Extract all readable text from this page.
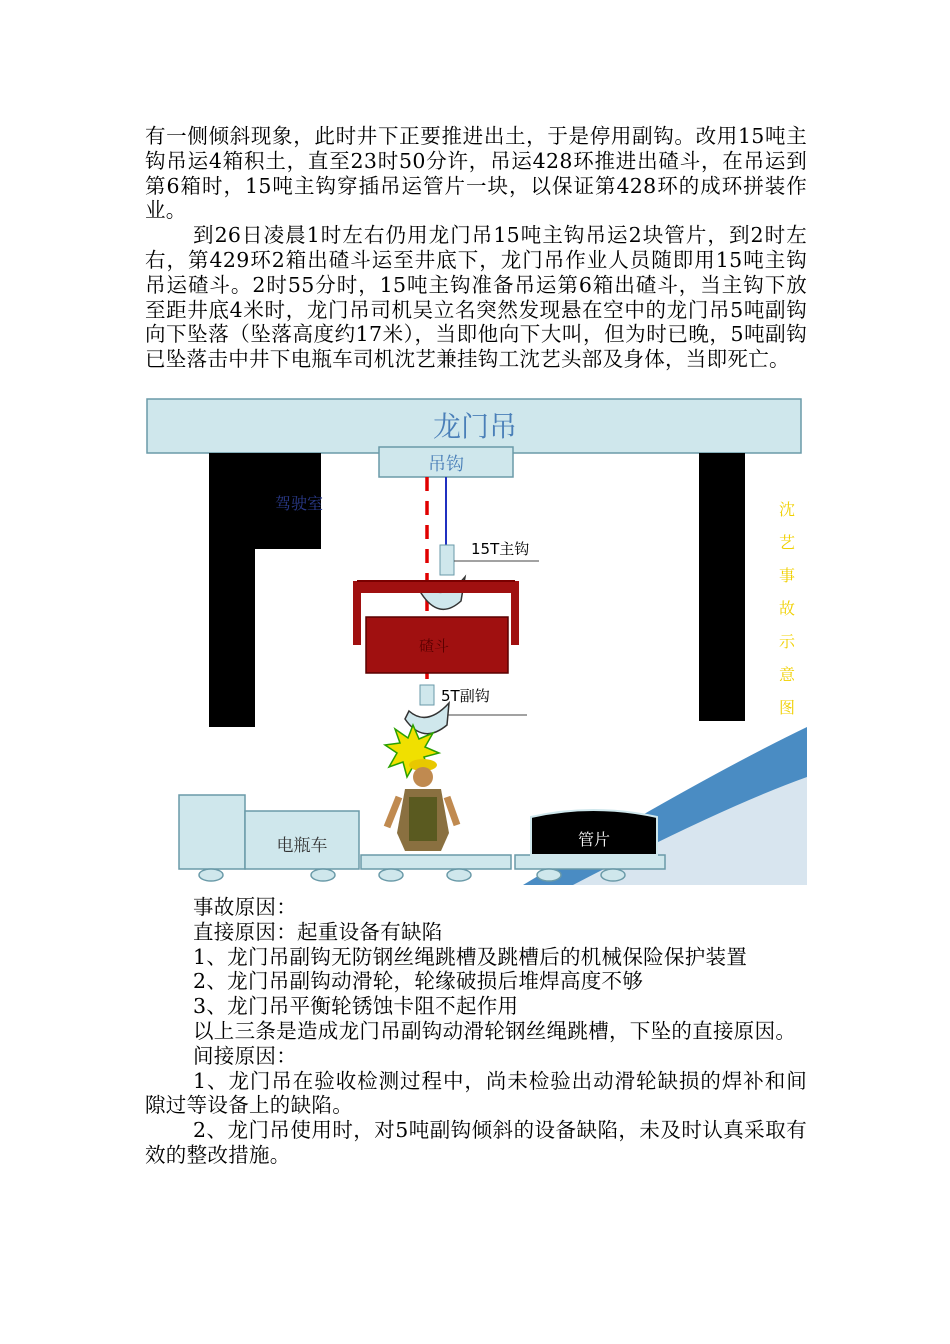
有一侧倾斜现象，此时井下正要推进出土，于是停用副钩。改用15吨主钩吊运4箱积土，直至23时50分许，吊运428环推进出碴斗，在吊运到第6箱时，15吨主钩穿插吊运管片一块，以保证第428环的成环拼装作业。

到26日凌晨1时左右仍用龙门吊15吨主钩吊运2块管片，到2时左右，第429环2箱出碴斗运至井底下，龙门吊作业人员随即用15吨主钩吊运碴斗。2时55分时，15吨主钩准备吊运第6箱出碴斗，当主钩下放至距井底4米时，龙门吊司机吴立名突然发现悬在空中的龙门吊5吨副钩向下坠落（坠落高度约17米），当即他向下大叫，但为时已晚，5吨副钩已坠落击中井下电瓶车司机沈艺兼挂钩工沈艺头部及身体，当即死亡。

龙门吊
吊钩
驾驶室
15T主钩
碴斗
5T副钩
电瓶车	管片
沈
艺
事
故
示
意
图

事故原因：

直接原因：起重设备有缺陷

1、龙门吊副钩无防钢丝绳跳槽及跳槽后的机械保险保护装置

2、龙门吊副钩动滑轮，轮缘破损后堆焊高度不够

3、龙门吊平衡轮锈蚀卡阻不起作用

以上三条是造成龙门吊副钩动滑轮钢丝绳跳槽，下坠的直接原因。

间接原因：

1、龙门吊在验收检测过程中，尚未检验出动滑轮缺损的焊补和间隙过等设备上的缺陷。

2、龙门吊使用时，对5吨副钩倾斜的设备缺陷，未及时认真采取有效的整改措施。
